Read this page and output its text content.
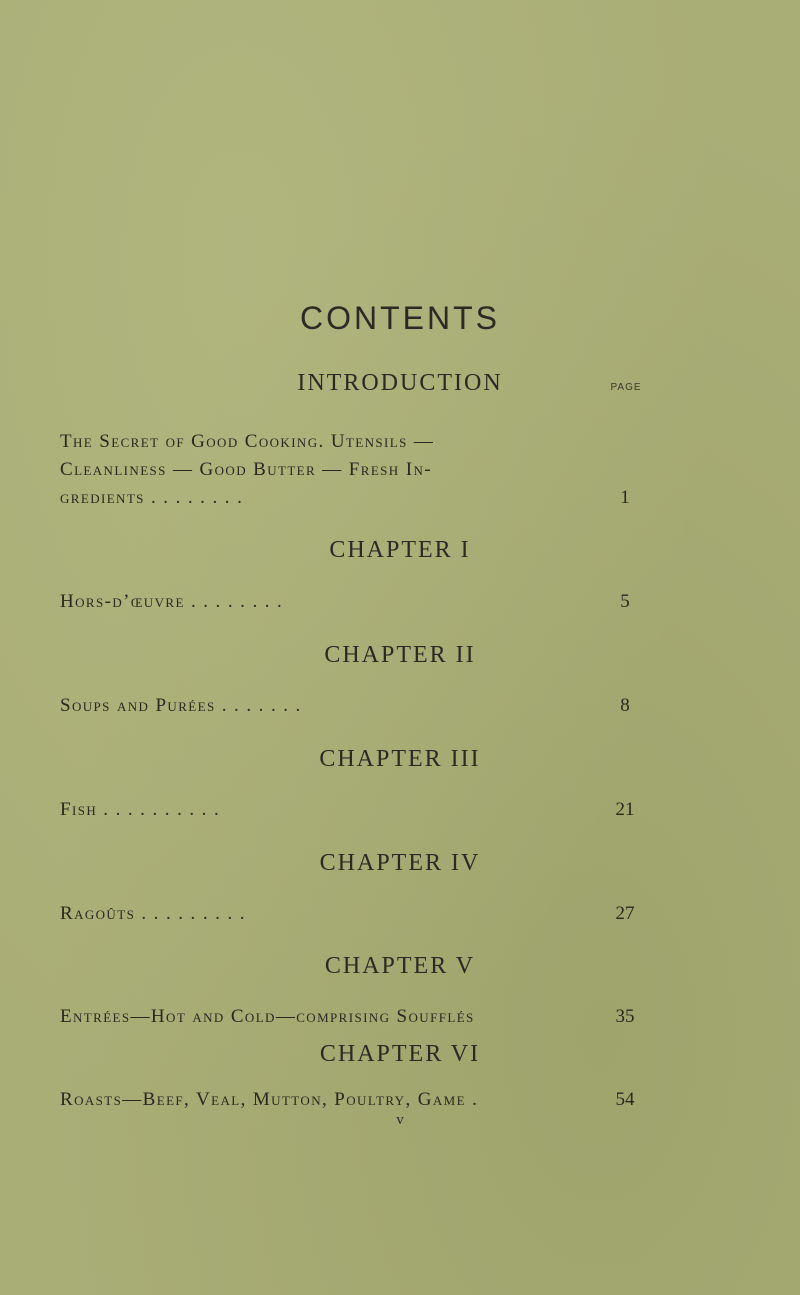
CONTENTS
INTRODUCTION	PAGE
The Secret of Good Cooking. Utensils —
Cleanliness — Good Butter — Fresh In-
gredients . . . . . . . .	1
CHAPTER I
Hors-d’œuvre . . . . . . . .	5
CHAPTER II
Soups and Purées . . . . . . .	8
CHAPTER III
Fish . . . . . . . . . .	21
CHAPTER IV
Ragoûts . . . . . . . . .	27
CHAPTER V
Entrées—Hot and Cold—comprising Soufflés	35
CHAPTER VI
Roasts—Beef, Veal, Mutton, Poultry, Game .	54
v
